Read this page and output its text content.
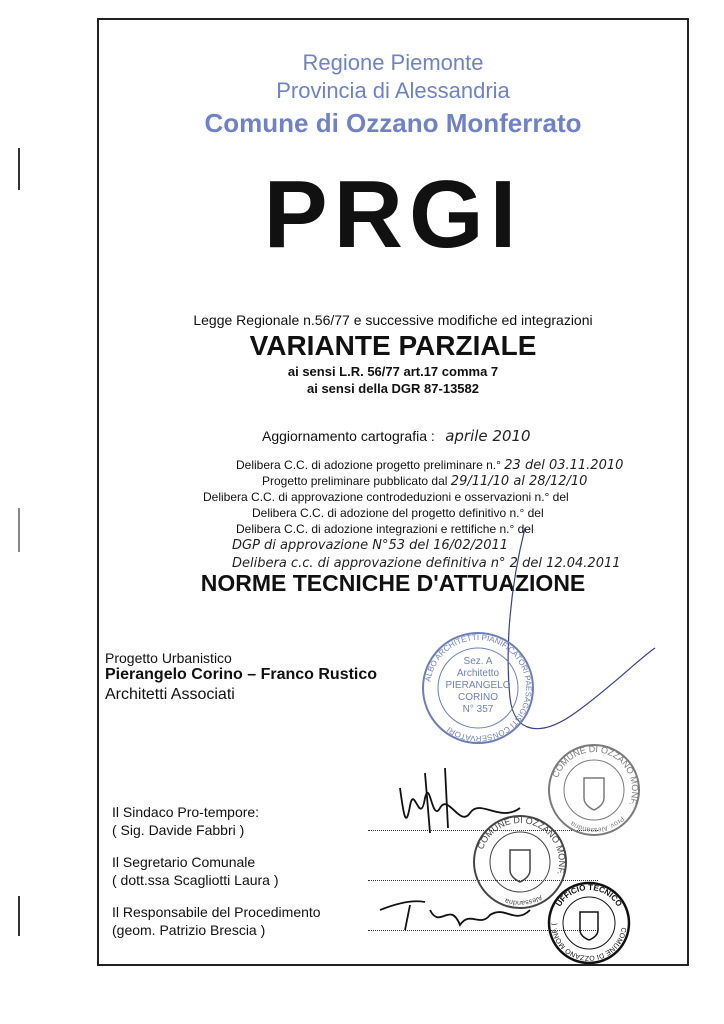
Regione Piemonte
Provincia di Alessandria
Comune di Ozzano Monferrato
PRGI
Legge Regionale n.56/77 e successive modifiche ed integrazioni
VARIANTE PARZIALE
ai sensi L.R. 56/77 art.17 comma 7
ai sensi della DGR 87-13582
Aggiornamento cartografia : aprile 2010
Delibera C.C. di adozione progetto preliminare n.° 23 del 03.11.2010
Progetto preliminare pubblicato dal 29/11/10 al 28/12/10
Delibera C.C. di approvazione controdeduzioni e osservazioni n.° del
Delibera C.C. di adozione del progetto definitivo n.° del
Delibera C.C. di adozione integrazioni e rettifiche n.° del
DGP di approvazione N°53 del 16/02/2011
Delibera c.c. di approvazione definitiva n° 2 del 12.04.2011
NORME TECNICHE D'ATTUAZIONE
Progetto Urbanistico
Pierangelo Corino – Franco Rustico
Architetti Associati
ALBO ARCHITETTI PIANIFICATORI PAESAGGISTI CONSERVATORI
Sez. A
Architetto
PIERANGELO
CORINO
N° 357
Il Sindaco Pro-tempore:
( Sig. Davide Fabbri )
Il Segretario Comunale
( dott.ssa Scagliotti Laura )
Il Responsabile del Procedimento
(geom. Patrizio Brescia )
COMUNE DI OZZANO MONF.
Prov. Alessandria
COMUNE DI OZZANO MONF.
Alessandria	UFFICIO TECNICO
COMUNE DI OZZANO MONF. (
